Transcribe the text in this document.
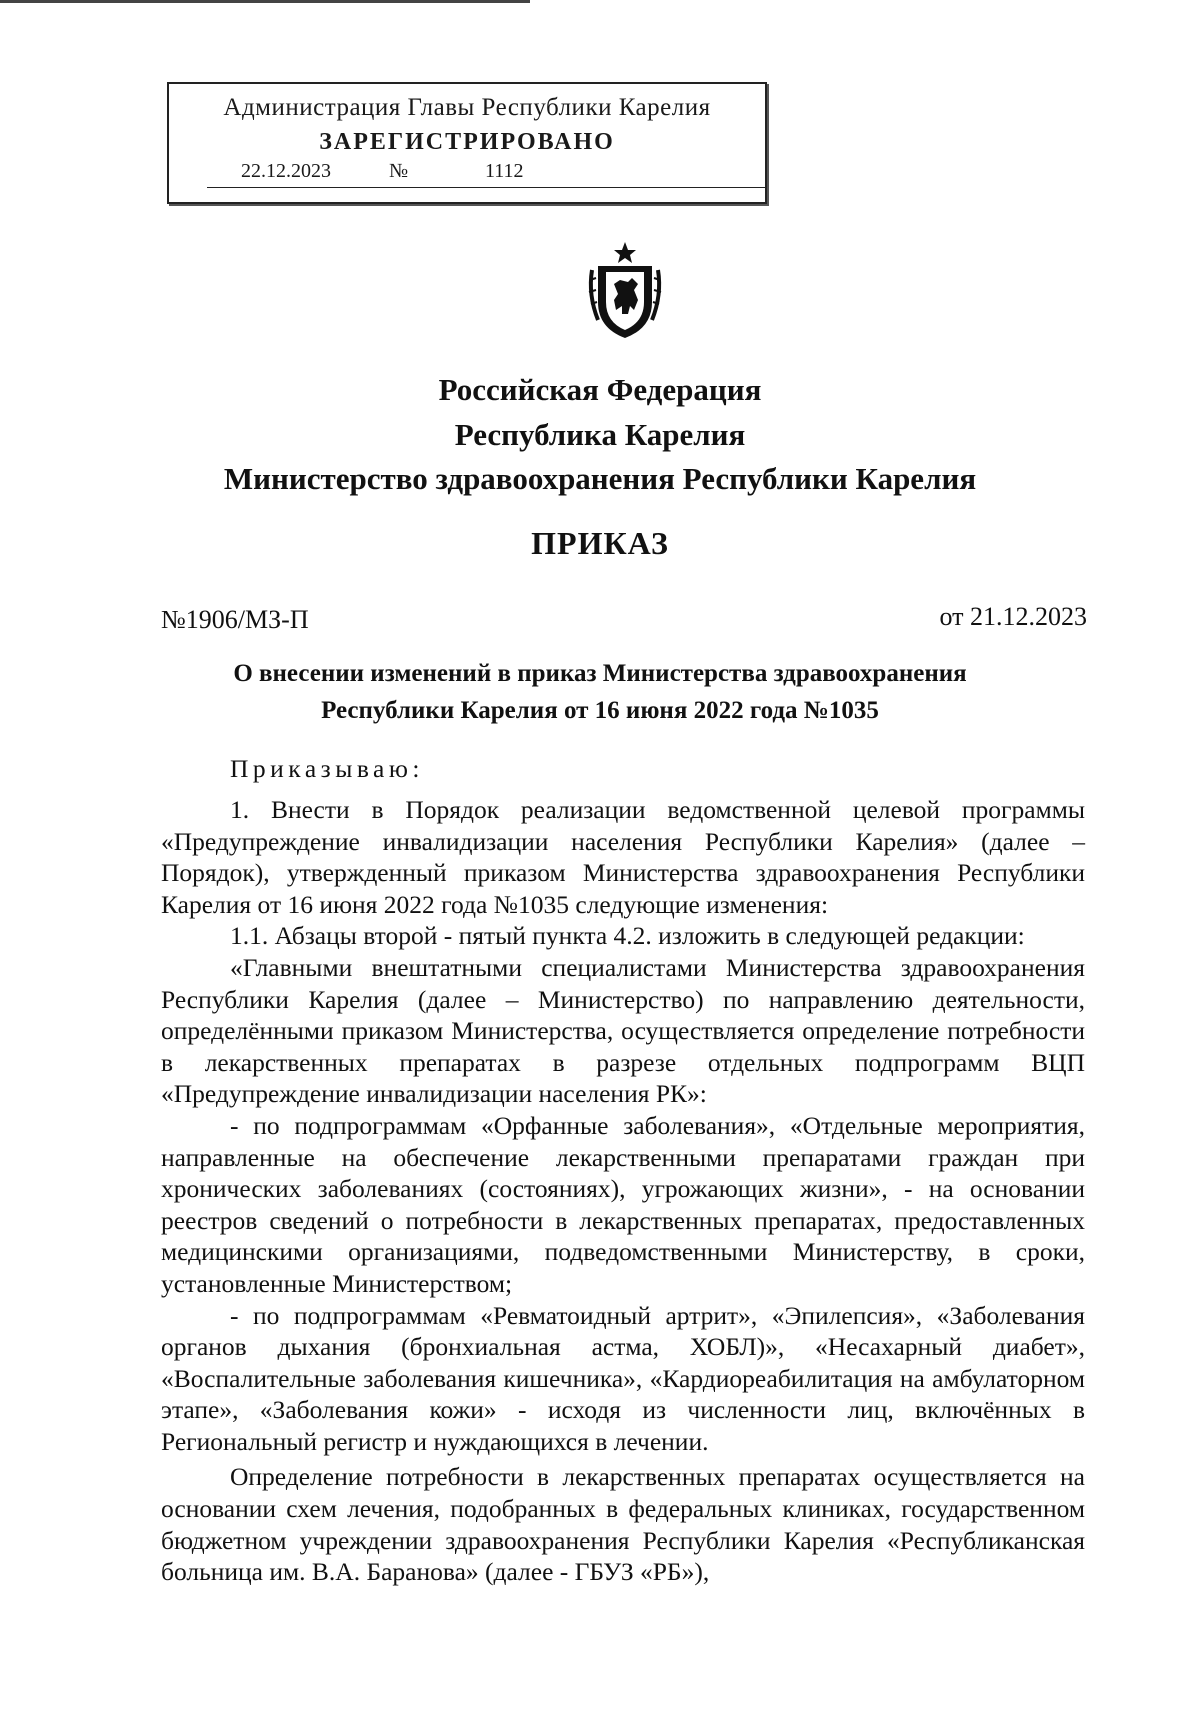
Администрация Главы Республики Карелия
ЗАРЕГИСТРИРОВАНО
22.12.2023	№	1112
Российская Федерация
Республика Карелия
Министерство здравоохранения Республики Карелия
ПРИКАЗ
№1906/МЗ-П	от 21.12.2023
О внесении изменений в приказ Министерства здравоохранения
Республики Карелия от 16 июня 2022 года №1035
Приказываю:

1. Внести в Порядок реализации ведомственной целевой программы «Предупреждение инвалидизации населения Республики Карелия» (далее – Порядок), утвержденный приказом Министерства здравоохранения Республики Карелия от 16 июня 2022 года №1035 следующие изменения:

1.1. Абзацы второй - пятый пункта 4.2. изложить в следующей редакции:

«Главными внештатными специалистами Министерства здравоохранения Республики Карелия (далее – Министерство) по направлению деятельности, определёнными приказом Министерства, осуществляется определение потребности в лекарственных препаратах в разрезе отдельных подпрограмм ВЦП «Предупреждение инвалидизации населения РК»:

- по подпрограммам «Орфанные заболевания», «Отдельные мероприятия, направленные на обеспечение лекарственными препаратами граждан при хронических заболеваниях (состояниях), угрожающих жизни», - на основании реестров сведений о потребности в лекарственных препаратах, предоставленных медицинскими организациями, подведомственными Министерству, в сроки, установленные Министерством;

- по подпрограммам «Ревматоидный артрит», «Эпилепсия», «Заболевания органов дыхания (бронхиальная астма, ХОБЛ)», «Несахарный диабет», «Воспалительные заболевания кишечника», «Кардиореабилитация на амбулаторном этапе», «Заболевания кожи» - исходя из численности лиц, включённых в Региональный регистр и нуждающихся в лечении.

Определение потребности в лекарственных препаратах осуществляется на основании схем лечения, подобранных в федеральных клиниках, государственном бюджетном учреждении здравоохранения Республики Карелия «Республиканская больница им. В.А. Баранова» (далее - ГБУЗ «РБ»),
